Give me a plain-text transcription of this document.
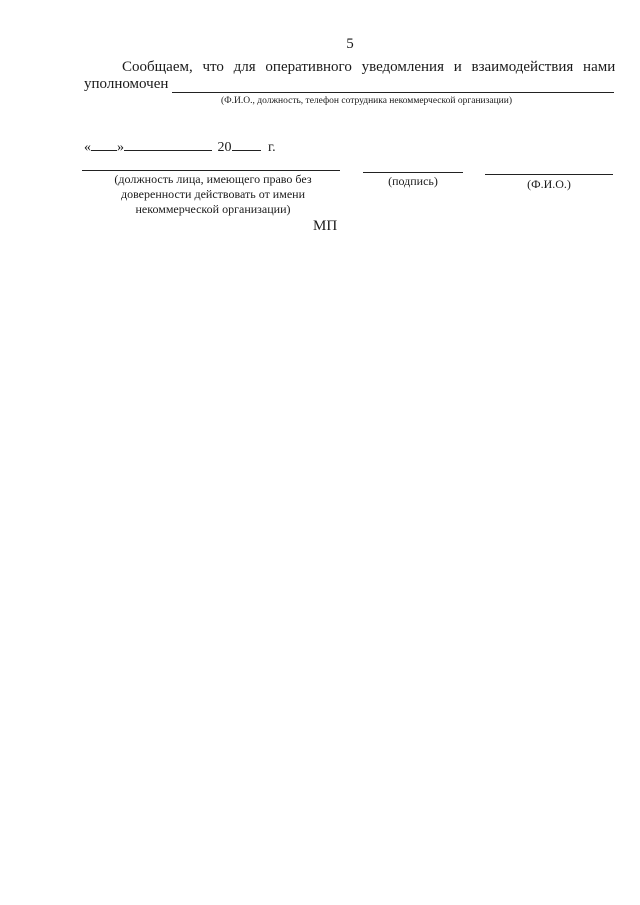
5
Сообщаем, что для оперативного уведомления и взаимодействия нами
уполномочен
(Ф.И.О., должность, телефон сотрудника некоммерческой организации)
« »	20	г.
(должность лица, имеющего право без
доверенности действовать от имени
некоммерческой организации)
(подпись)	(Ф.И.О.)
МП
